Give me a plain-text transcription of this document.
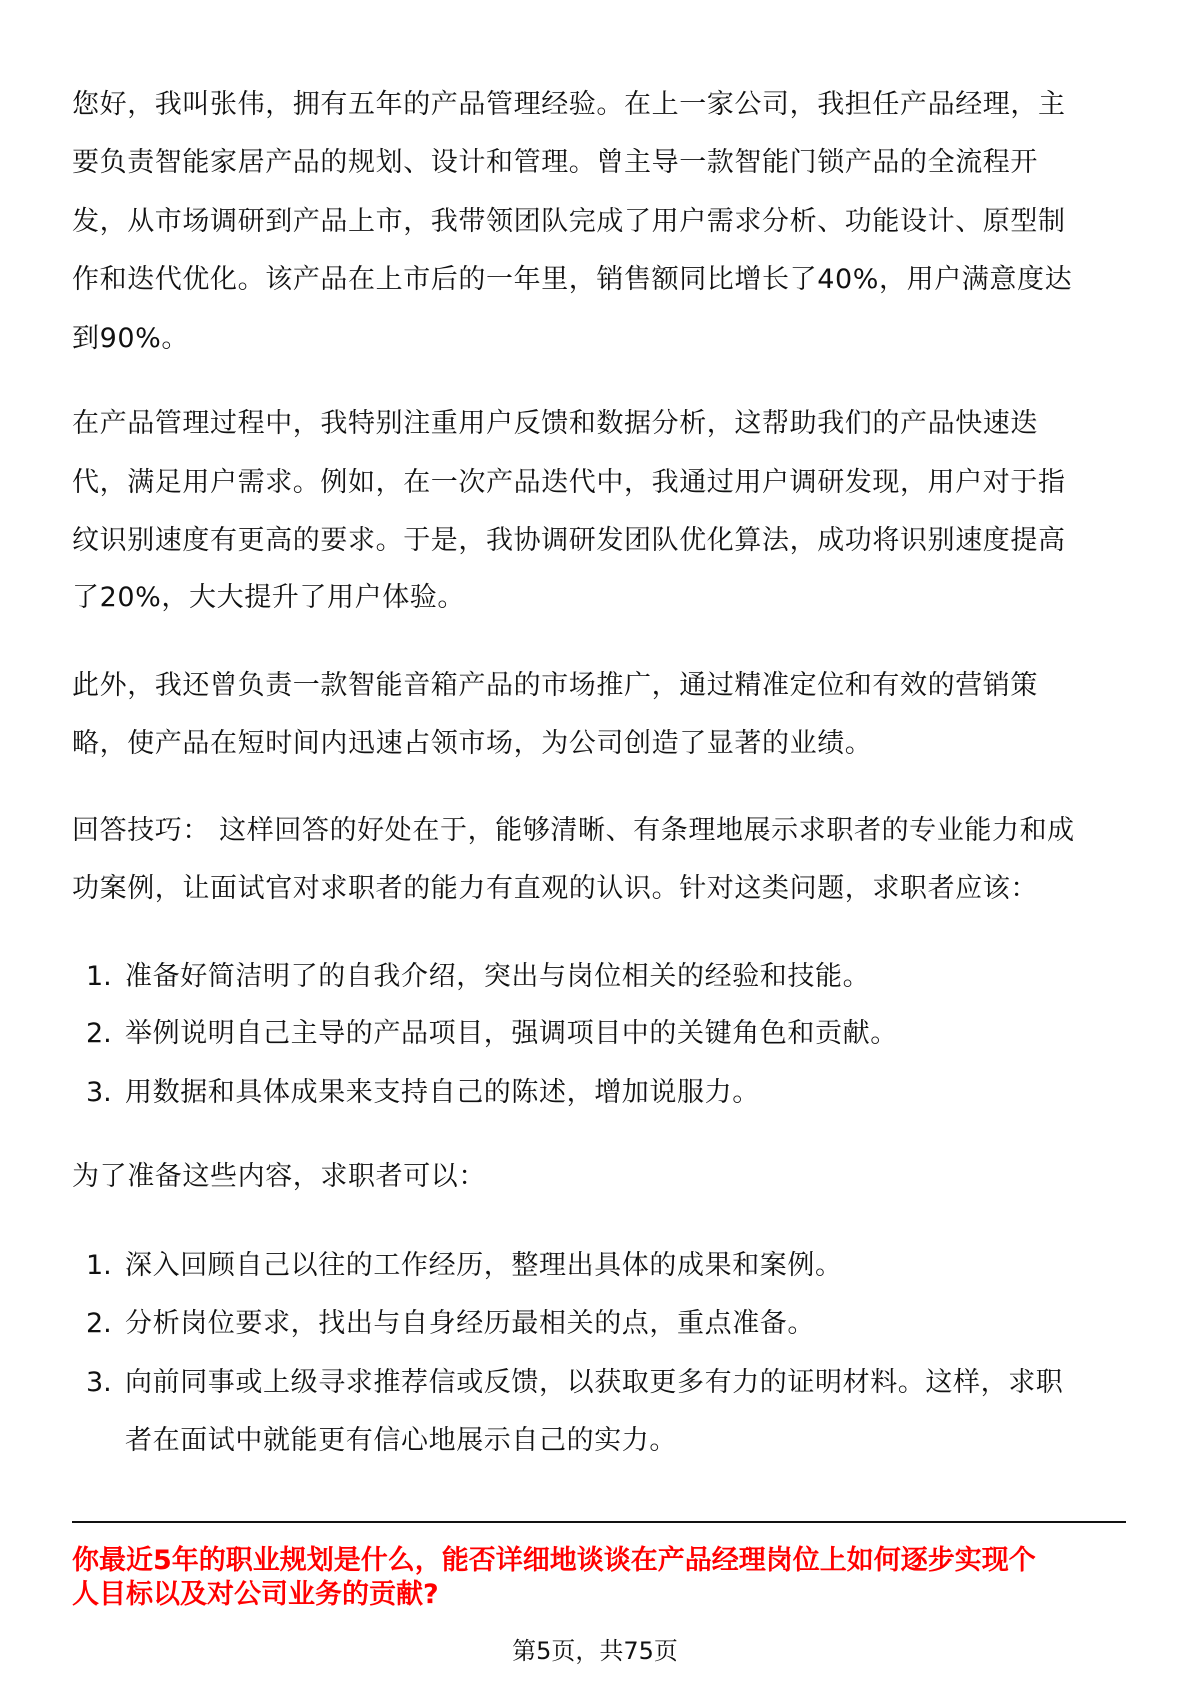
您好，我叫张伟，拥有五年的产品管理经验。在上一家公司，我担任产品经理，主
要负责智能家居产品的规划、设计和管理。曾主导一款智能门锁产品的全流程开
发，从市场调研到产品上市，我带领团队完成了用户需求分析、功能设计、原型制
作和迭代优化。该产品在上市后的一年里，销售额同比增长了40%，用户满意度达
到90%。
在产品管理过程中，我特别注重用户反馈和数据分析，这帮助我们的产品快速迭
代，满足用户需求。例如，在一次产品迭代中，我通过用户调研发现，用户对于指
纹识别速度有更高的要求。于是，我协调研发团队优化算法，成功将识别速度提高
了20%，大大提升了用户体验。
此外，我还曾负责一款智能音箱产品的市场推广，通过精准定位和有效的营销策
略，使产品在短时间内迅速占领市场，为公司创造了显著的业绩。
回答技巧： 这样回答的好处在于，能够清晰、有条理地展示求职者的专业能力和成
功案例，让面试官对求职者的能力有直观的认识。针对这类问题，求职者应该：
1. 准备好简洁明了的自我介绍，突出与岗位相关的经验和技能。
2. 举例说明自己主导的产品项目，强调项目中的关键角色和贡献。
3. 用数据和具体成果来支持自己的陈述，增加说服力。
为了准备这些内容，求职者可以：
1. 深入回顾自己以往的工作经历，整理出具体的成果和案例。
2. 分析岗位要求，找出与自身经历最相关的点，重点准备。
3. 向前同事或上级寻求推荐信或反馈，以获取更多有力的证明材料。这样，求职
者在面试中就能更有信心地展示自己的实力。
你最近5年的职业规划是什么，能否详细地谈谈在产品经理岗位上如何逐步实现个
人目标以及对公司业务的贡献?
第5页，共75页
